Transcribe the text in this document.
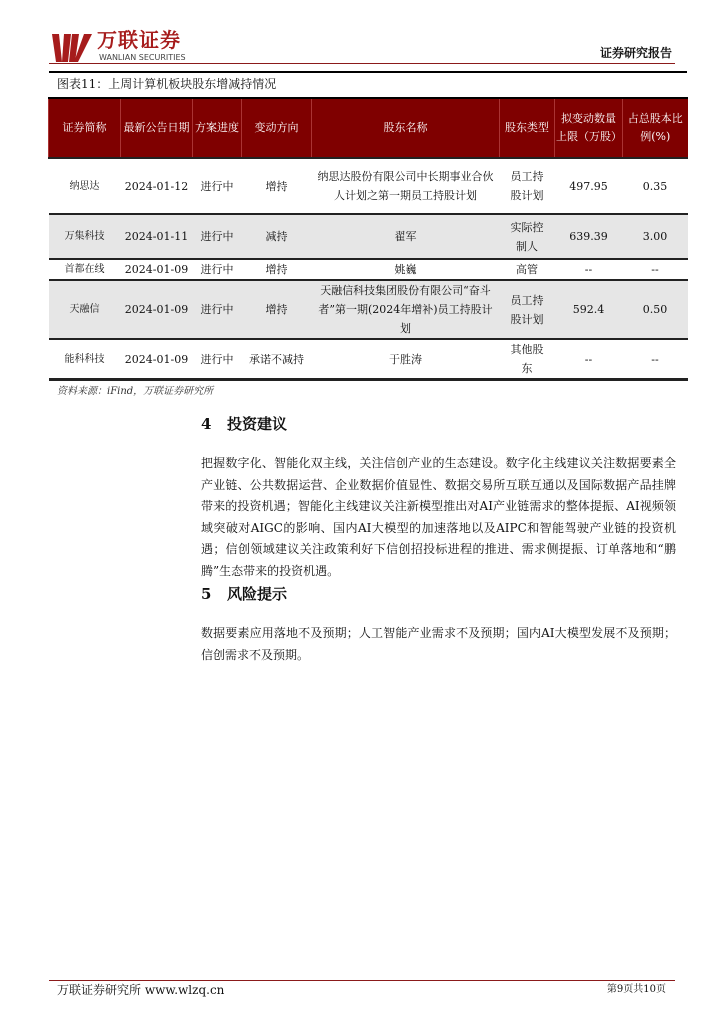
万联证券
WANLIAN SECURITIES	证券研究报告
图表11：上周计算机板块股东增减持情况
证券简称	最新公告日期	方案进度	变动方向	股东名称	股东类型	拟变动数量上限（万股）	占总股本比例(%)
纳思达	2024-01-12	进行中	增持	纳思达股份有限公司中长期事业合伙人计划之第一期员工持股计划	员工持股计划	497.95	0.35
万集科技	2024-01-11	进行中	减持	翟军	实际控制人	639.39	3.00
首都在线	2024-01-09	进行中	增持	姚巍	高管	--	--
天融信	2024-01-09	进行中	增持	天融信科技集团股份有限公司“奋斗者”第一期(2024年增补)员工持股计划	员工持股计划	592.4	0.50
能科科技	2024-01-09	进行中	承诺不减持	于胜涛	其他股东	--	--
资料来源：iFind，万联证券研究所
4 投资建议
把握数字化、智能化双主线，关注信创产业的生态建设。数字化主线建议关注数据要素全产业链、公共数据运营、企业数据价值显性、数据交易所互联互通以及国际数据产品挂牌带来的投资机遇；智能化主线建议关注新模型推出对AI产业链需求的整体提振、AI视频领域突破对AIGC的影响、国内AI大模型的加速落地以及AIPC和智能驾驶产业链的投资机遇；信创领域建议关注政策利好下信创招投标进程的推进、需求侧提振、订单落地和“鹏腾”生态带来的投资机遇。
5 风险提示
数据要素应用落地不及预期；人工智能产业需求不及预期；国内AI大模型发展不及预期；信创需求不及预期。
万联证券研究所 www.wlzq.cn	第9页共10页
